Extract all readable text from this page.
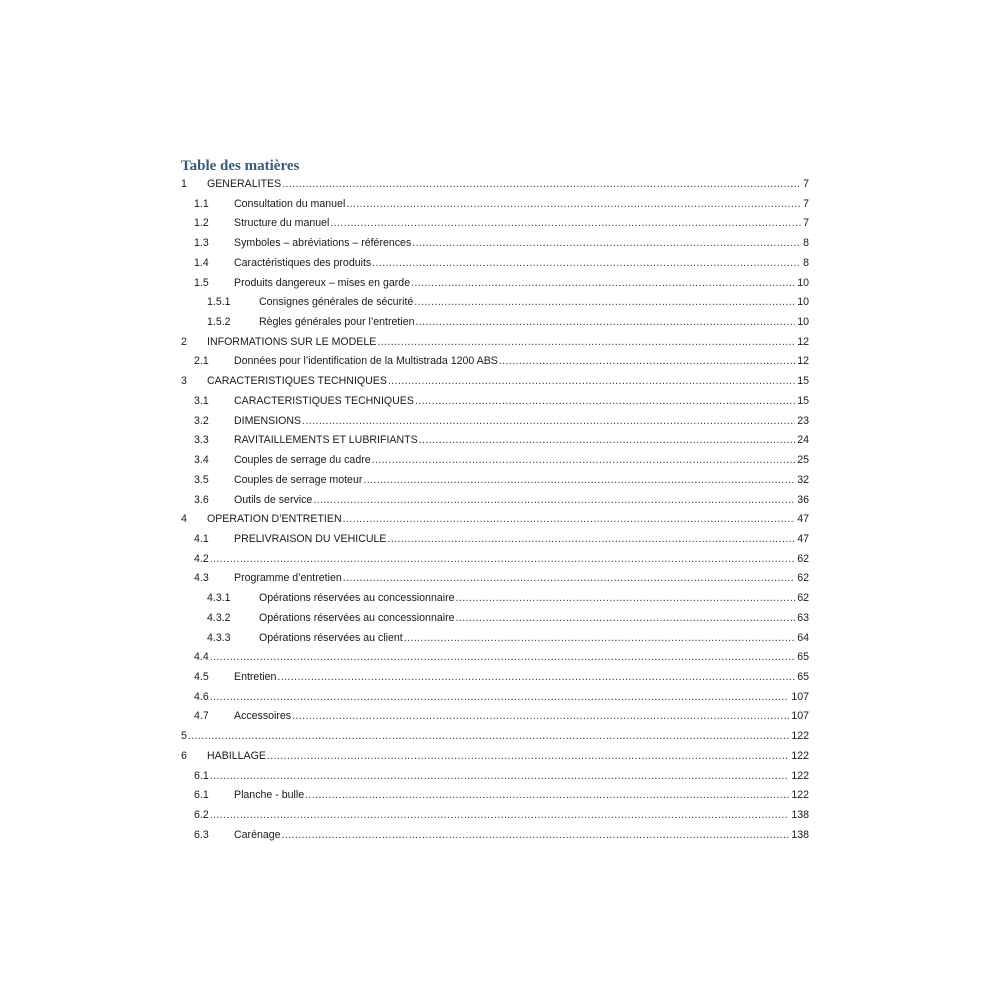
Table des matières
1 GENERALITES .....	7
1.1 Consultation du manuel .....	7
1.2 Structure du manuel .....	7
1.3 Symboles – abréviations – références .....	8
1.4 Caractéristiques des produits .....	8
1.5 Produits dangereux – mises en garde .....	10
1.5.1	Consignes générales de sécurité .....	10
1.5.2	Règles générales pour l’entretien .....	10
2 INFORMATIONS SUR LE MODELE .....	12
2.1 Données pour l’identification de la Multistrada 1200 ABS .....	12
3 CARACTERISTIQUES TECHNIQUES .....	15
3.1 CARACTERISTIQUES TECHNIQUES .....	15
3.2 DIMENSIONS .....	23
3.3 RAVITAILLEMENTS ET LUBRIFIANTS .....	24
3.4 Couples de serrage du cadre .....	25
3.5 Couples de serrage moteur .....	32
3.6 Outils de service .....	36
4 OPERATION D’ENTRETIEN .....	47
4.1 PRELIVRAISON DU VEHICULE .....	47
4.2 .....	62
4.3 Programme d’entretien .....	62
4.3.1	Opérations réservées au concessionnaire .....	62
4.3.2	Opérations réservées au concessionnaire .....	63
4.3.3	Opérations réservées au client .....	64
4.4 .....	65
4.5 Entretien .....	65
4.6 .....	107
4.7 Accessoires .....	107
5 .....	122
6 HABILLAGE .....	122
6.1 .....	122
6.1 Planche - bulle .....	122
6.2 .....	138
6.3 Carénage .....	138
